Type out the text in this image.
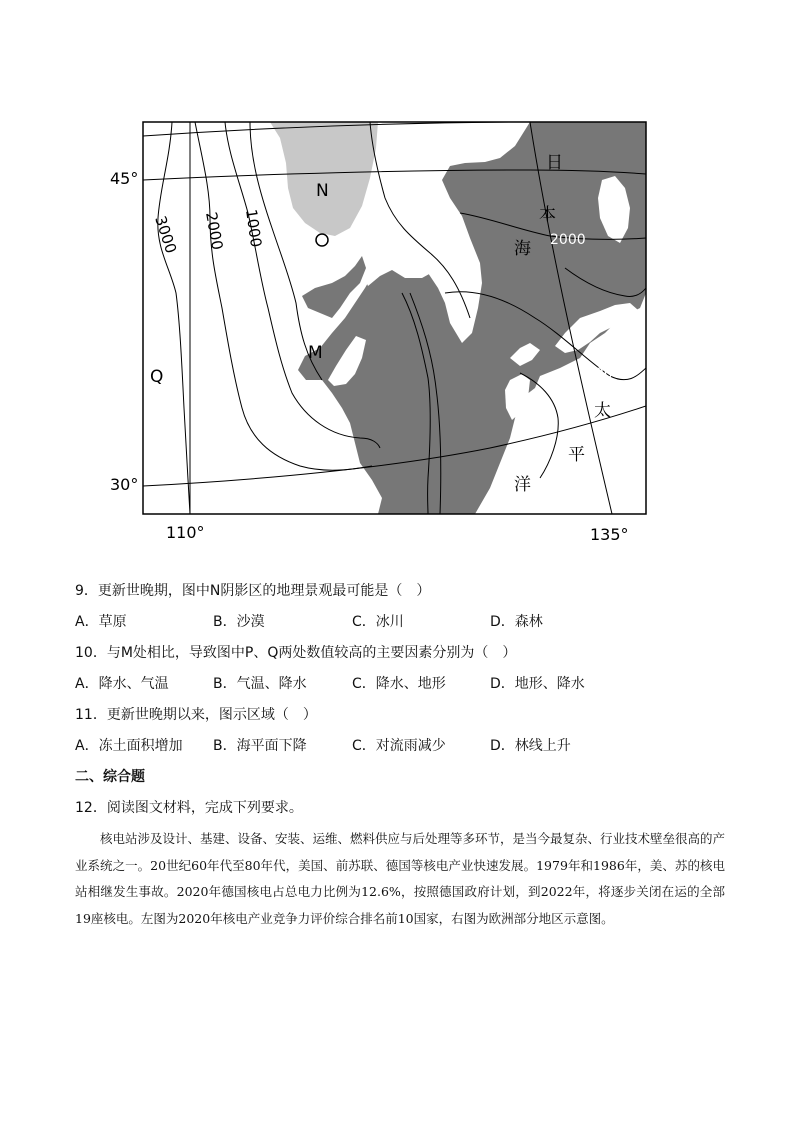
45°
30°
110°	135°
N
M
Q
3000 2000 1000	2000
3000
日
本
海
太
平
洋
9．更新世晚期，图中N阴影区的地理景观最可能是（　）
A．草原	B．沙漠	C．冰川	D．森林
10．与M处相比，导致图中P、Q两处数值较高的主要因素分别为（　）
A．降水、气温	B．气温、降水	C．降水、地形	D．地形、降水
11．更新世晚期以来，图示区域（　）
A．冻土面积增加 B．海平面下降	C．对流雨减少	D．林线上升
二、综合题
12．阅读图文材料，完成下列要求。

核电站涉及设计、基建、设备、安装、运维、燃料供应与后处理等多环节，是当今最复杂、行业技术壁垒很高的产业系统之一。20世纪60年代至80年代，美国、前苏联、德国等核电产业快速发展。1979年和1986年，美、苏的核电站相继发生事故。2020年德国核电占总电力比例为12.6%，按照德国政府计划，到2022年，将逐步关闭在运的全部19座核电。左图为2020年核电产业竞争力评价综合排名前10国家，右图为欧洲部分地区示意图。
